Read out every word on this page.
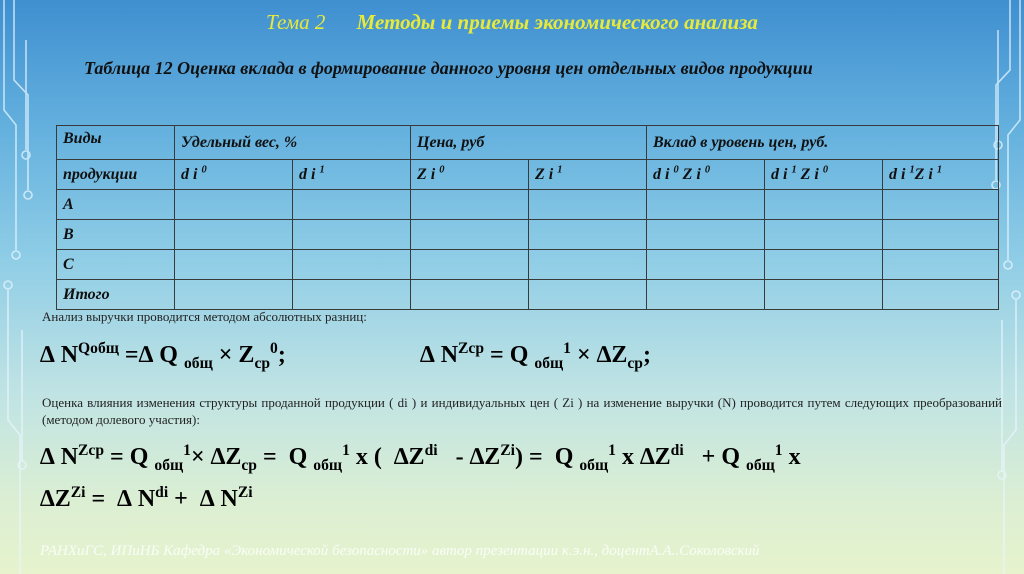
Тема 2 Методы и приемы экономического анализа
Таблица 12 Оценка вклада в формирование данного уровня цен отдельных видов продукции
Виды	Удельный вес, %		Цена, руб		Вклад в уровень цен, руб.		
продукции	d i $^0$	d i $^1$	Z i $^0$	Z i $^1$	d i $^0$ Z i $^0$	d i $^1$ Z i $^0$	d i $^1$Z i $^1$
А							
В							
С							
Итого							
Анализ выручки проводится методом абсолютных разниц:
∆ $N^{Qобщ}$ =∆ Q $_{общ} \times Z_{cp}^0$;	∆ $N^{Zcp} = Q$ $_{общ}^1 \times \Delta Z_{cp}$;
Оценка влияния изменения структуры проданной продукции ( di ) и индивидуальных цен ( Zi ) на изменение выручки (N) проводится путем следующих преобразований (методом долевого участия):
∆ $N^{Zcp} = Q$ $_{общ}^1\times \Delta Z_{cp} = Q$ $_{общ}^1$ x ( $\Delta Z^{di} - \Delta Z^{Zi}) = Q$ $_{общ}^1$ x $\Delta Z^{di} + Q$ $_{общ}^1$ x
$\Delta Z^{Zi}$ = ∆ $N^{di}$ + ∆ $N^{Zi}$
РАНХиГС, ИПиНБ Кафедра «Экономической безопасности» автор презентации к.э.н., доцентА.А..Соколовский
